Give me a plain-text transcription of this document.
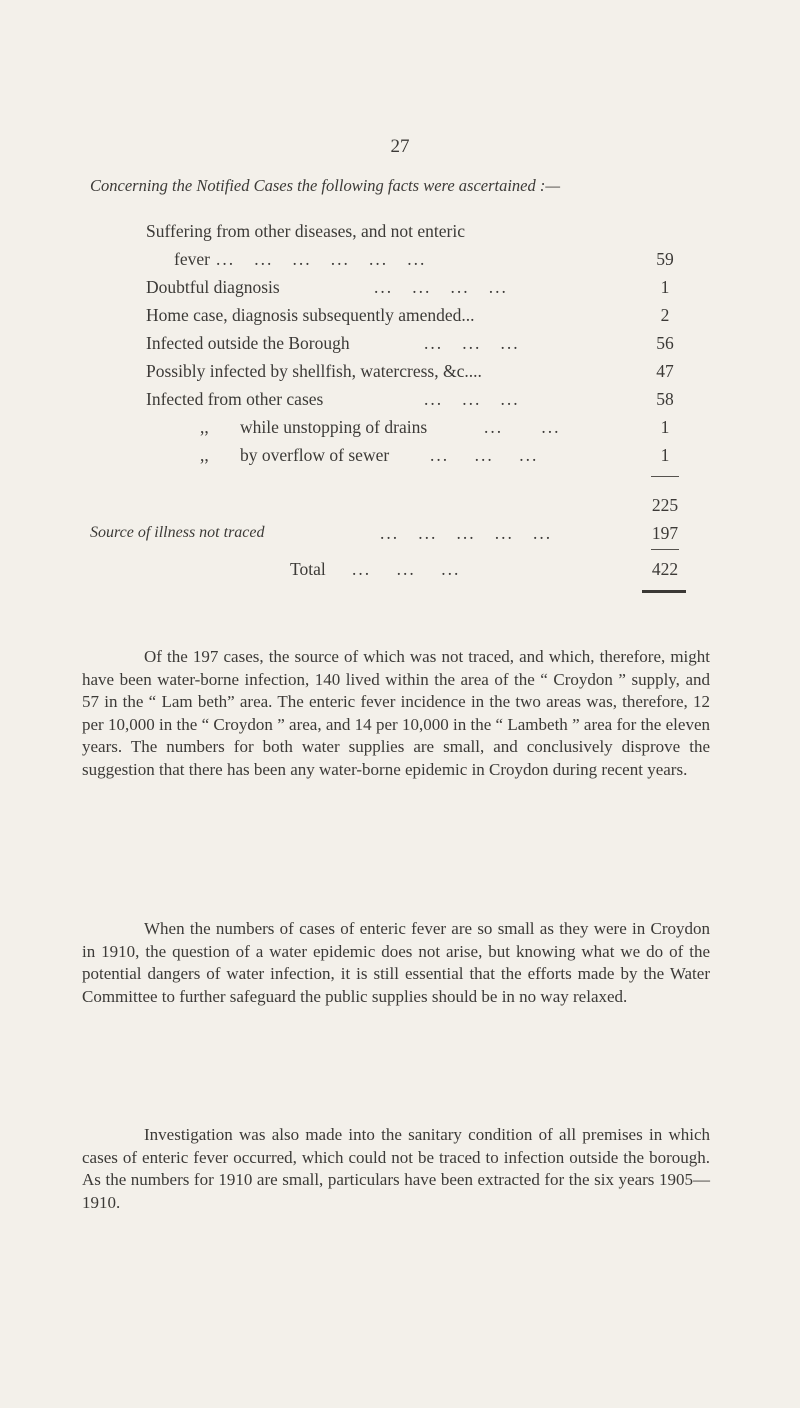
27
Concerning the Notified Cases the following facts were ascertained :—
Suffering from other diseases, and not enteric
fever ...   ...   ...   ...   ...   ...	59
Doubtful diagnosis	...   ...   ...   ...	1
Home case, diagnosis subsequently amended...	2
Infected outside the Borough	...   ...   ...	56
Possibly infected by shellfish, watercress, &c....	47
Infected from other cases	...   ...   ...	58
,, while unstopping of drains	...      ...	1
,, by overflow of sewer ...    ...    ...	1
225
Source of illness not traced	...   ...   ...   ...   ...	197
Total ...    ...    ...	422

Of the 197 cases, the source of which was not traced, and which, therefore, might have been water-borne infection, 140 lived within the area of the “ Croydon ” supply, and 57 in the “ Lam beth” area. The enteric fever incidence in the two areas was, therefore, 12 per 10,000 in the “ Croydon ” area, and 14 per 10,000 in the “ Lambeth ” area for the eleven years. The numbers for both water supplies are small, and conclusively disprove the suggestion that there has been any water-borne epidemic in Croydon during recent years.

When the numbers of cases of enteric fever are so small as they were in Croydon in 1910, the question of a water epidemic does not arise, but knowing what we do of the potential dangers of water infection, it is still essential that the efforts made by the Water Committee to further safeguard the public supplies should be in no way relaxed.

Investigation was also made into the sanitary condition of all premises in which cases of enteric fever occurred, which could not be traced to infection outside the borough. As the numbers for 1910 are small, particulars have been extracted for the six years 1905—1910.
